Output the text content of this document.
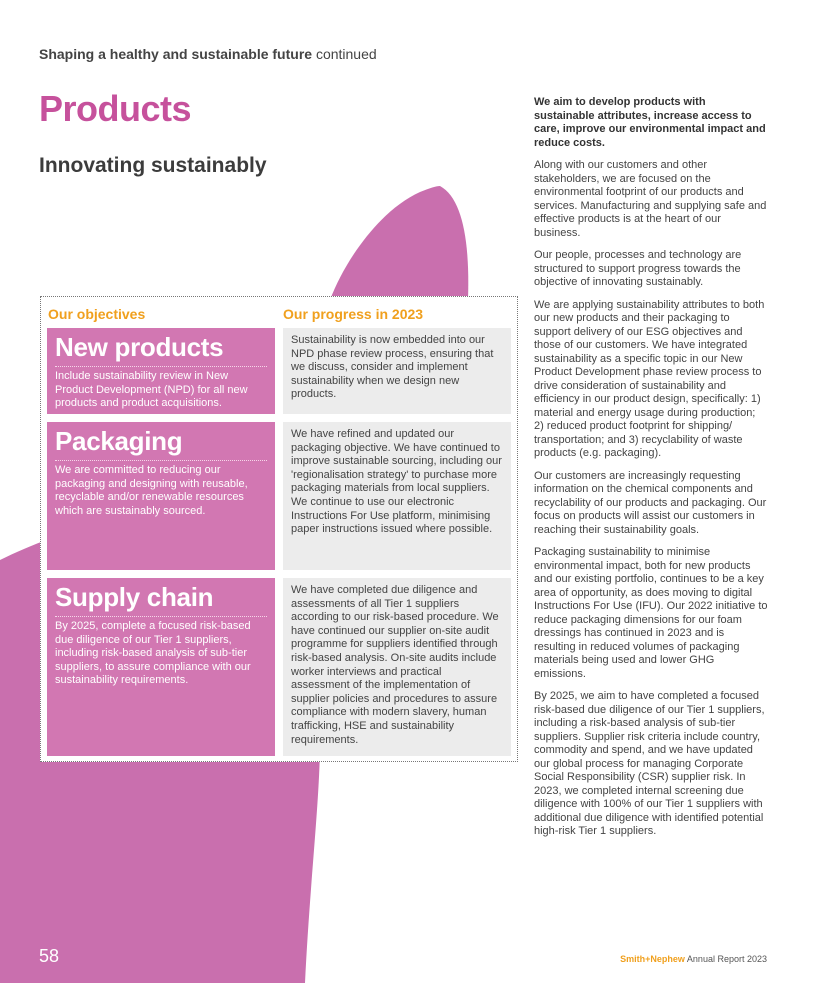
Shaping a healthy and sustainable future continued
Products
Innovating sustainably
Our objectives	Our progress in 2023
New products
Include sustainability review in New Product Development (NPD) for all new products and product acquisitions.
Sustainability is now embedded into our NPD phase review process, ensuring that we discuss, consider and implement sustainability when we design new products.
Packaging
We are committed to reducing our packaging and designing with reusable, recyclable and/or renewable resources which are sustainably sourced.
We have refined and updated our packaging objective. We have continued to improve sustainable sourcing, including our 'regionalisation strategy' to purchase more packaging materials from local suppliers. We continue to use our electronic Instructions For Use platform, minimising paper instructions issued where possible.
Supply chain
By 2025, complete a focused risk-based due diligence of our Tier 1 suppliers, including risk-based analysis of sub-tier suppliers, to assure compliance with our sustainability requirements.
We have completed due diligence and assessments of all Tier 1 suppliers according to our risk-based procedure. We have continued our supplier on-site audit programme for suppliers identified through risk-based analysis. On-site audits include worker interviews and practical assessment of the implementation of supplier policies and procedures to assure compliance with modern slavery, human trafficking, HSE and sustainability requirements.

We aim to develop products with sustainable attributes, increase access to care, improve our environmental impact and reduce costs.

Along with our customers and other stakeholders, we are focused on the environmental footprint of our products and services. Manufacturing and supplying safe and effective products is at the heart of our business.

Our people, processes and technology are structured to support progress towards the objective of innovating sustainably.

We are applying sustainability attributes to both our new products and their packaging to support delivery of our ESG objectives and those of our customers. We have integrated sustainability as a specific topic in our New Product Development phase review process to drive consideration of sustainability and efficiency in our product design, specifically: 1) material and energy usage during production; 2) reduced product footprint for shipping/ transportation; and 3) recyclability of waste products (e.g. packaging).

Our customers are increasingly requesting information on the chemical components and recyclability of our products and packaging. Our focus on products will assist our customers in reaching their sustainability goals.

Packaging sustainability to minimise environmental impact, both for new products and our existing portfolio, continues to be a key area of opportunity, as does moving to digital Instructions For Use (IFU). Our 2022 initiative to reduce packaging dimensions for our foam dressings has continued in 2023 and is resulting in reduced volumes of packaging materials being used and lower GHG emissions.

By 2025, we aim to have completed a focused risk-based due diligence of our Tier 1 suppliers, including a risk-based analysis of sub-tier suppliers. Supplier risk criteria include country, commodity and spend, and we have updated our global process for managing Corporate Social Responsibility (CSR) supplier risk. In 2023, we completed internal screening due diligence with 100% of our Tier 1 suppliers with additional due diligence with identified potential high-risk Tier 1 suppliers.

58	Smith+Nephew Annual Report 2023
